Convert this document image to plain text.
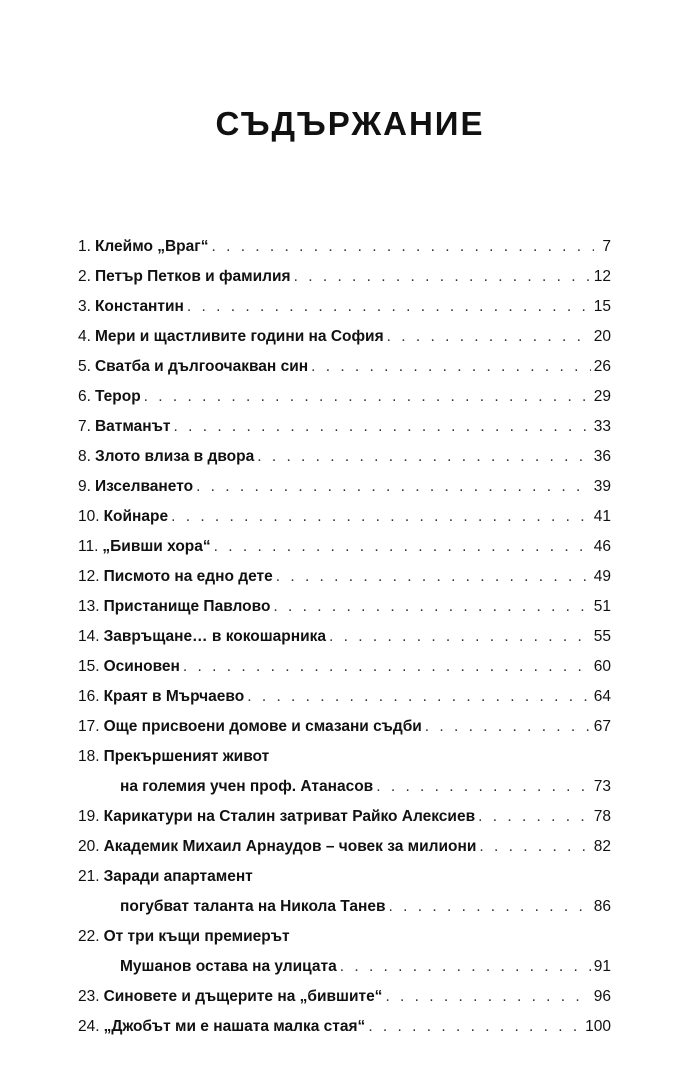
СЪДЪРЖАНИЕ
1. Клеймо „Враг“ . . .	7
2. Петър Петков и фамилия . . .	12
3. Константин . . .	15
4. Мери и щастливите години на София . . .	20
5. Сватба и дългоочакван син . . .	26
6. Терор . . .	29
7. Ватманът . . .	33
8. Злото влиза в двора . . .	36
9. Изселването . . .	39
10. Койнаре . . .	41
11. „Бивши хора“ . . .	46
12. Писмото на едно дете . . .	49
13. Пристанище Павлово . . .	51
14. Завръщане… в кокошарника . . .	55
15. Осиновен . . .	60
16. Краят в Мърчаево . . .	64
17. Още присвоени домове и смазани съдби . . .	67
18. Прекършеният живот
на големия учен проф. Атанасов . . .	73
19. Карикатури на Сталин затриват Райко Алексиев . . .	78
20. Академик Михаил Арнаудов – човек за милиони . . .	82
21. Заради апартамент
погубват таланта на Никола Танев . . .	86
22. От три къщи премиерът
Мушанов остава на улицата . . .	91
23. Синовете и дъщерите на „бившите“ . . .	96
24. „Джобът ми е нашата малка стая“ . . .	100
